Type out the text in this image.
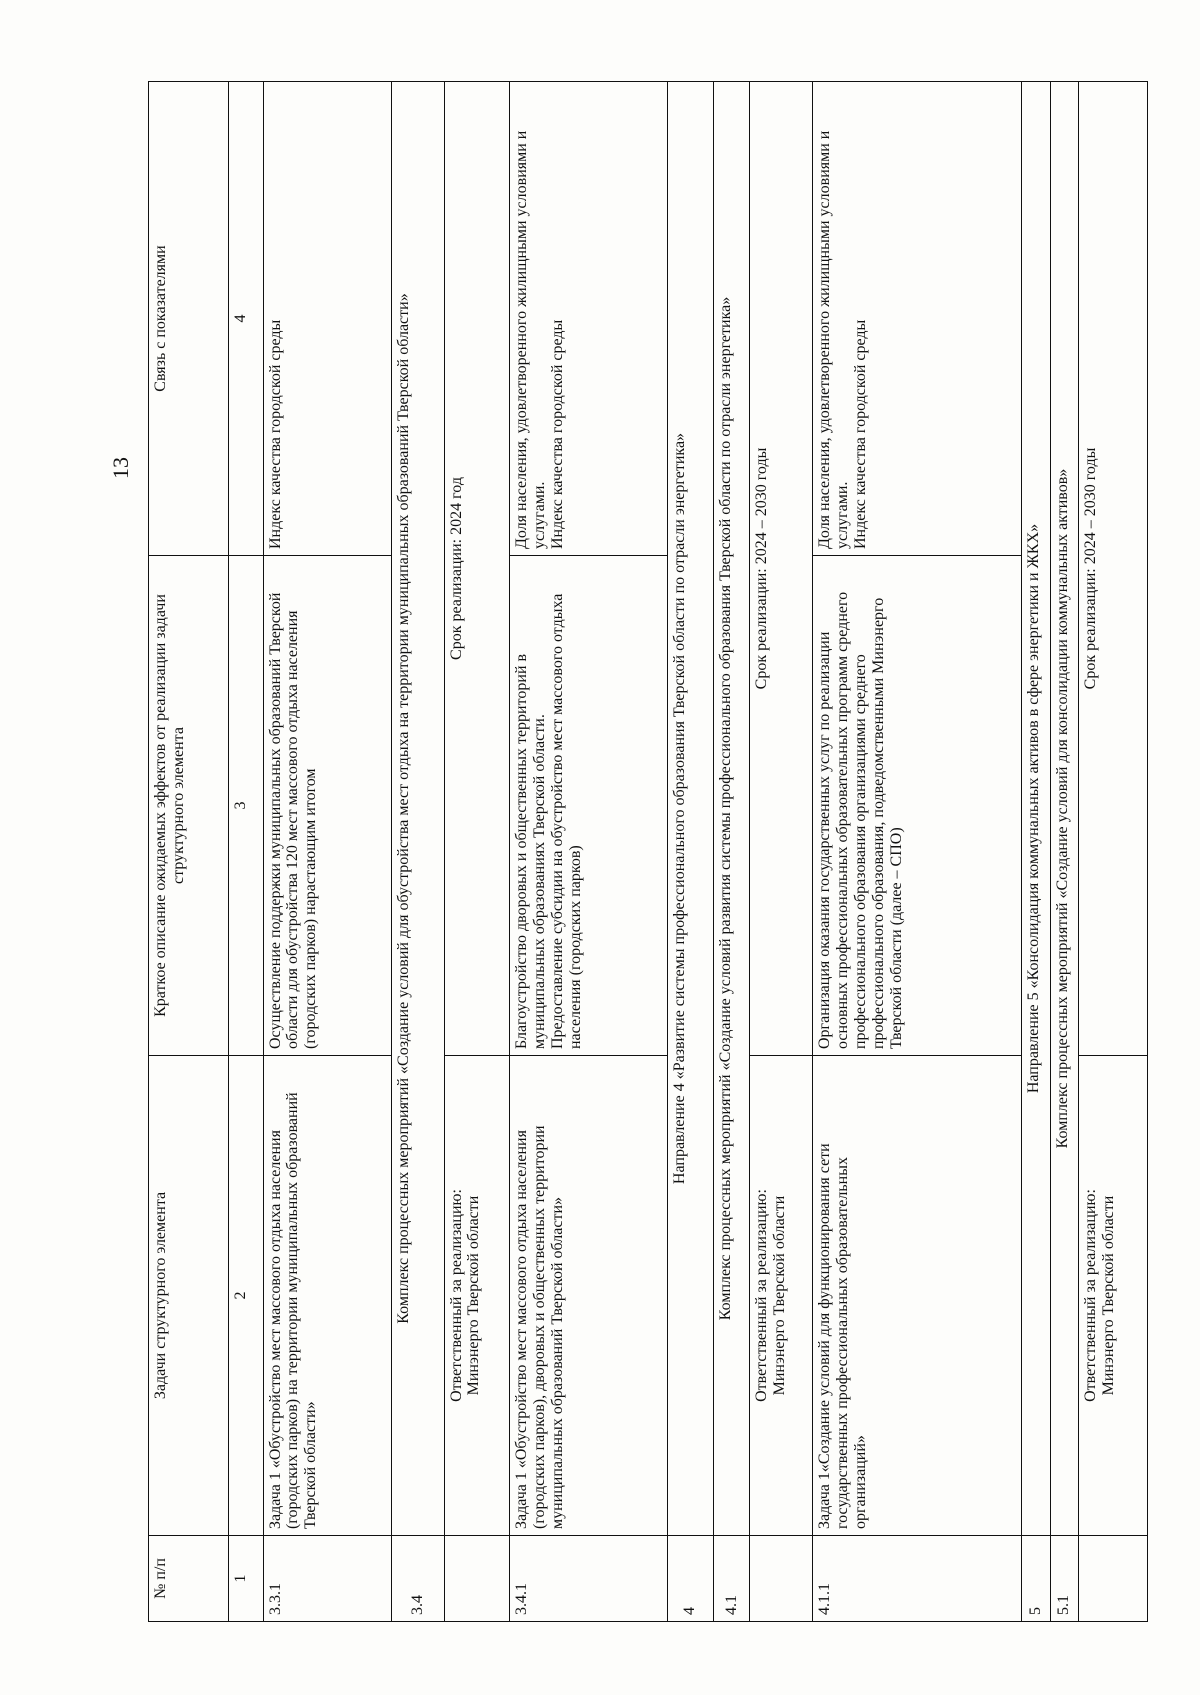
13
№ п/п	Задачи структурного элемента	Краткое описание ожидаемых эффектов от реализации задачи структурного элемента	Связь с показателями
1	2	3	4
3.3.1	Задача 1 «Обустройство мест массового отдыха населения (городских парков) на территории муниципальных образований Тверской области»	Осуществление поддержки муниципальных образований Тверской области для обустройства 120 мест массового отдыха населения (городских парков) нарастающим итогом	Индекс качества городской среды
3.4	Комплекс процессных мероприятий «Создание условий для обустройства мест отдыха на территории муниципальных образований Тверской области»		

	Ответственный за реализацию: Минэнерго Тверской области	Срок реализации: 2024 год	
3.4.1	Задача 1 «Обустройство мест массового отдыха населения (городских парков), дворовых и общественных территории муниципальных образований Тверской области»	Благоустройство дворовых и общественных территорий в муниципальных образованиях Тверской области. Предоставление субсидии на обустройство мест массового отдыха населения (городских парков)	Доля населения, удовлетворенного жилищными условиями и услугами. Индекс качества городской среды

4	Направление 4 «Развитие системы профессионального образования Тверской области по отрасли энергетика»		
4.1	Комплекс процессных мероприятий «Создание условий развития системы профессионального образования Тверской области по отрасли энергетика»		

	Ответственный за реализацию: Минэнерго Тверской области	Срок реализации: 2024 – 2030 годы	
4.1.1	Задача 1«Создание условий для функционирования сети государственных профессиональных образовательных организаций»	Организация оказания государственных услуг по реализации основных профессиональных образовательных программ среднего профессионального образования организациями среднего профессионального образования, подведомственными Минэнерго Тверской области (далее – СПО)	Доля населения, удовлетворенного жилищными условиями и услугами. Индекс качества городской среды

5	Направление 5 «Консолидация коммунальных активов в сфере энергетики и ЖКХ»		
5.1	Комплекс процессных мероприятий «Создание условий для консолидации коммунальных активов»		

	Ответственный за реализацию: Минэнерго Тверской области	Срок реализации: 2024 – 2030 годы	
